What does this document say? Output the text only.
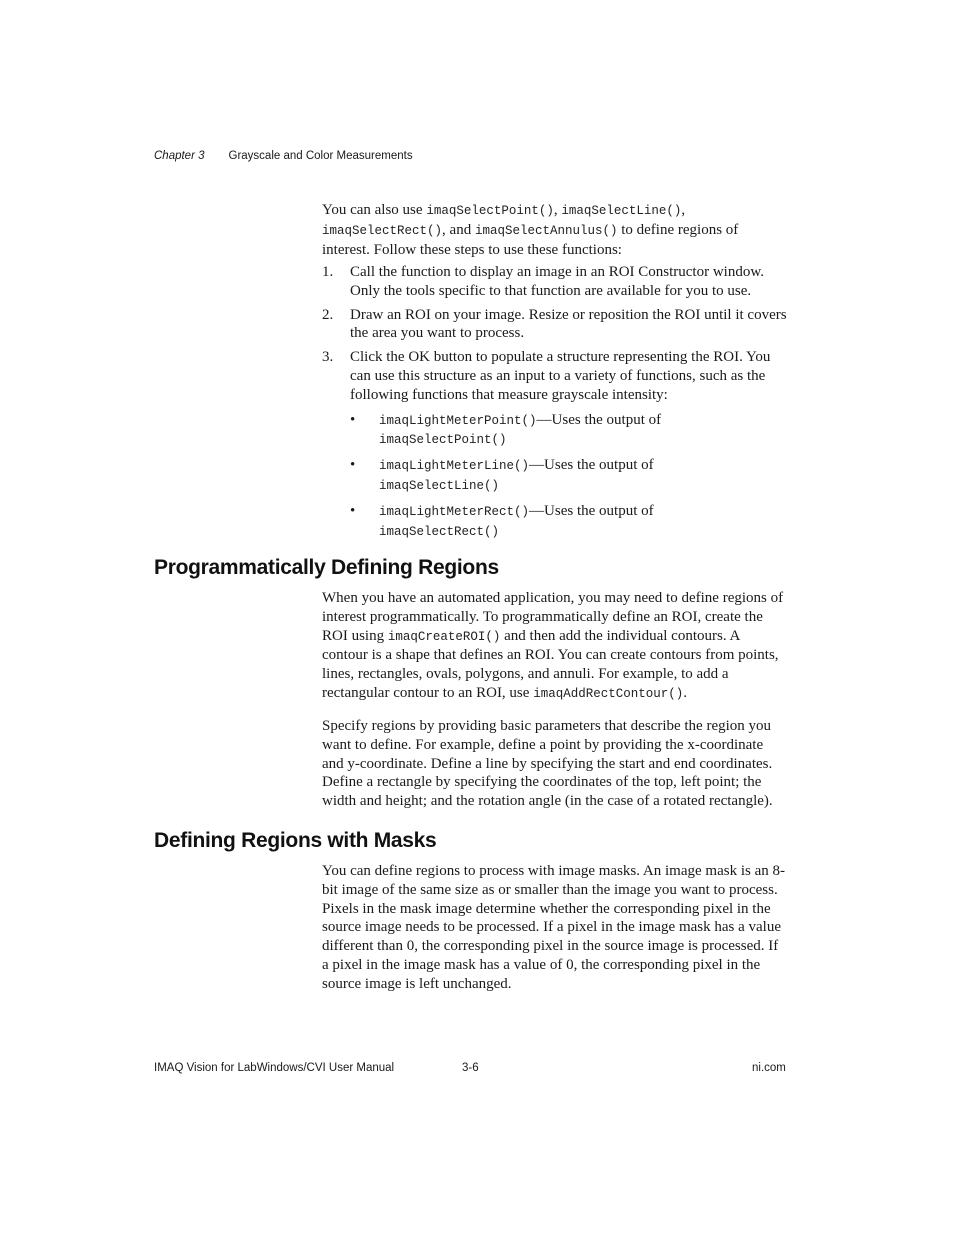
Chapter 3 Grayscale and Color Measurements

You can also use imaqSelectPoint(), imaqSelectLine(),
imaqSelectRect(), and imaqSelectAnnulus() to define regions of interest. Follow these steps to use these functions:

1. Call the function to display an image in an ROI Constructor window. Only the tools specific to that function are available for you to use.
2. Draw an ROI on your image. Resize or reposition the ROI until it covers the area you want to process.
3. Click the OK button to populate a structure representing the ROI. You can use this structure as an input to a variety of functions, such as the following functions that measure grayscale intensity:
• imaqLightMeterPoint()—Uses the output of
imaqSelectPoint()
• imaqLightMeterLine()—Uses the output of
imaqSelectLine()
• imaqLightMeterRect()—Uses the output of
imaqSelectRect()
Programmatically Defining Regions

When you have an automated application, you may need to define regions of interest programmatically. To programmatically define an ROI, create the ROI using imaqCreateROI() and then add the individual contours. A contour is a shape that defines an ROI. You can create contours from points, lines, rectangles, ovals, polygons, and annuli. For example, to add a rectangular contour to an ROI, use imaqAddRectContour().

Specify regions by providing basic parameters that describe the region you want to define. For example, define a point by providing the x-coordinate and y-coordinate. Define a line by specifying the start and end coordinates. Define a rectangle by specifying the coordinates of the top, left point; the width and height; and the rotation angle (in the case of a rotated rectangle).

Defining Regions with Masks

You can define regions to process with image masks. An image mask is an 8-bit image of the same size as or smaller than the image you want to process. Pixels in the mask image determine whether the corresponding pixel in the source image needs to be processed. If a pixel in the image mask has a value different than 0, the corresponding pixel in the source image is processed. If a pixel in the image mask has a value of 0, the corresponding pixel in the source image is left unchanged.

IMAQ Vision for LabWindows/CVI User Manual	3-6	ni.com
